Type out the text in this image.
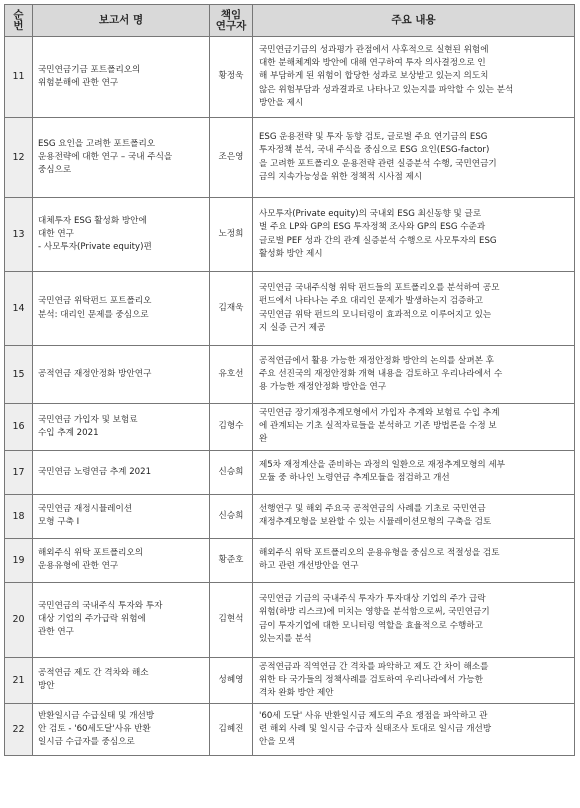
순
번	보고서 명	책임
연구자	주요 내용
11	국민연금기금 포트폴리오의
위험분해에 관한 연구	황정욱	국민연금기금의 성과평가 관점에서 사후적으로 실현된 위험에
대한 분해체계와 방안에 대해 연구하여 투자 의사결정으로 인
해 부담하게 된 위험이 합당한 성과로 보상받고 있는지 의도치
않은 위험부담과 성과결과로 나타나고 있는지를 파악할 수 있는 분석
방안을 제시

12	ESG 요인을 고려한 포트폴리오
운용전략에 대한 연구 – 국내 주식을
중심으로	조은영	ESG 운용전략 및 투자 동향 검토, 글로벌 주요 연기금의 ESG
투자정책 분석, 국내 주식을 중심으로 ESG 요인(ESG-factor)
을 고려한 포트폴리오 운용전략 관련 실증분석 수행, 국민연금기
금의 지속가능성을 위한 정책적 시사점 제시

13	대체투자 ESG 활성화 방안에
대한 연구
- 사모투자(Private equity)편	노정희	사모투자(Private equity)의 국내외 ESG 최신동향 및 글로
벌 주요 LP와 GP의 ESG 투자정책 조사와 GP의 ESG 수준과
글로벌 PEF 성과 간의 관계 실증분석 수행으로 사모투자의 ESG
활성화 방안 제시

14	국민연금 위탁펀드 포트폴리오
분석: 대리인 문제를 중심으로	김재욱	국민연금 국내주식형 위탁 펀드들의 포트폴리오를 분석하여 공모
펀드에서 나타나는 주요 대리인 문제가 발생하는지 검증하고
국민연금 위탁 펀드의 모니터링이 효과적으로 이루어지고 있는
지 실증 근거 제공

15	공적연금 재정안정화 방안연구	유호선	공적연금에서 활용 가능한 재정안정화 방안의 논의를 살펴본 후
주요 선진국의 재정안정화 개혁 내용을 검토하고 우리나라에서 수
용 가능한 재정안정화 방안을 연구

16	국민연금 가입자 및 보험료
수입 추계 2021	김형수	국민연금 장기재정추계모형에서 가입자 추계와 보험료 수입 추계
에 관계되는 기초 실적자료들을 분석하고 기존 방법론을 수정 보
완

17	국민연금 노령연금 추계 2021	신승희	제5차 재정계산을 준비하는 과정의 일환으로 재정추계모형의 세부
모듈 중 하나인 노령연금 추계모듈을 점검하고 개선

18	국민연금 재정시뮬레이션
모형 구축 I	신승희	선행연구 및 해외 주요국 공적연금의 사례를 기초로 국민연금
재정추계모형을 보완할 수 있는 시뮬레이션모형의 구축을 검토

19	해외주식 위탁 포트폴리오의
운용유형에 관한 연구	황준호	해외주식 위탁 포트폴리오의 운용유형을 중심으로 적절성을 검토
하고 관련 개선방안을 연구

20	국민연금의 국내주식 투자와 투자
대상 기업의 주가급락 위험에
관한 연구	김현석	국민연금 기금의 국내주식 투자가 투자대상 기업의 주가 급락
위험(하방 리스크)에 미치는 영향을 분석함으로써, 국민연금기
금이 투자기업에 대한 모니터링 역할을 효율적으로 수행하고
있는지를 분석

21	공적연금 제도 간 격차와 해소
방안	성혜영	공적연금과 직역연금 간 격차를 파악하고 제도 간 차이 해소를
위한 타 국가들의 정책사례를 검토하여 우리나라에서 가능한
격차 완화 방안 제안

22	반환일시금 수급실태 및 개선방
안 검토 - '60세도달'사유 반환
일시금 수급자를 중심으로	김혜진	'60세 도달' 사유 반환일시금 제도의 주요 쟁점을 파악하고 관
련 해외 사례 및 일시금 수급자 실태조사 토대로 일시금 개선방
안을 모색
